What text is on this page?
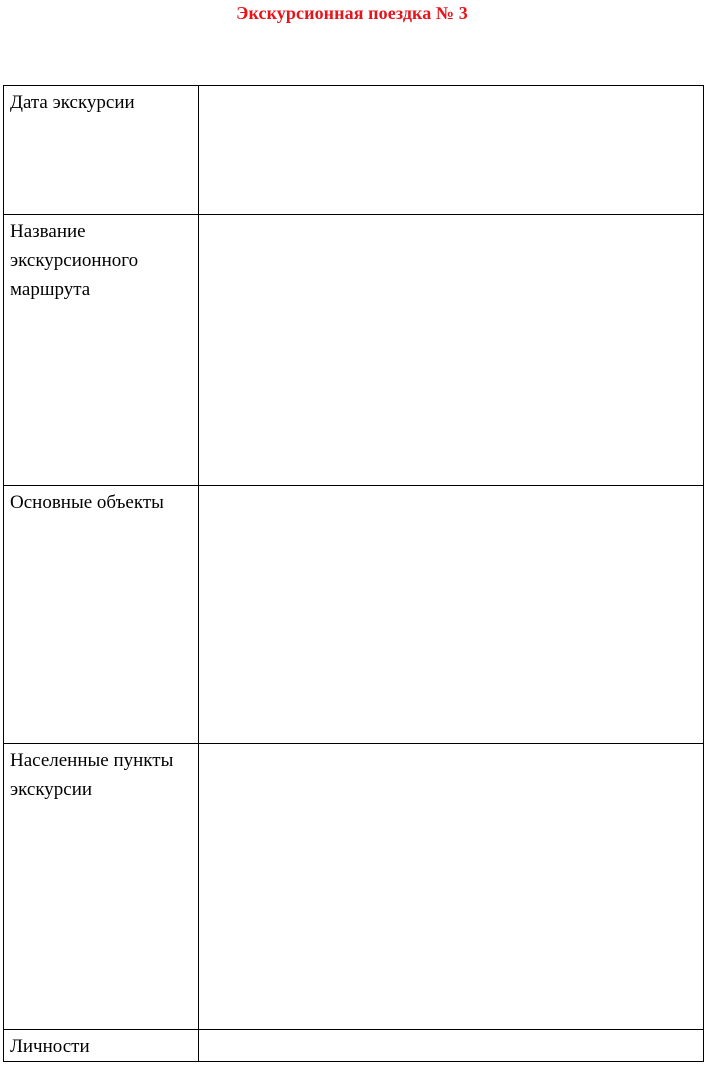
Экскурсионная поездка № 3
Дата экскурсии	
Название экскурсионного маршрута	
Основные объекты	
Населенные пункты экскурсии	
Личности	
